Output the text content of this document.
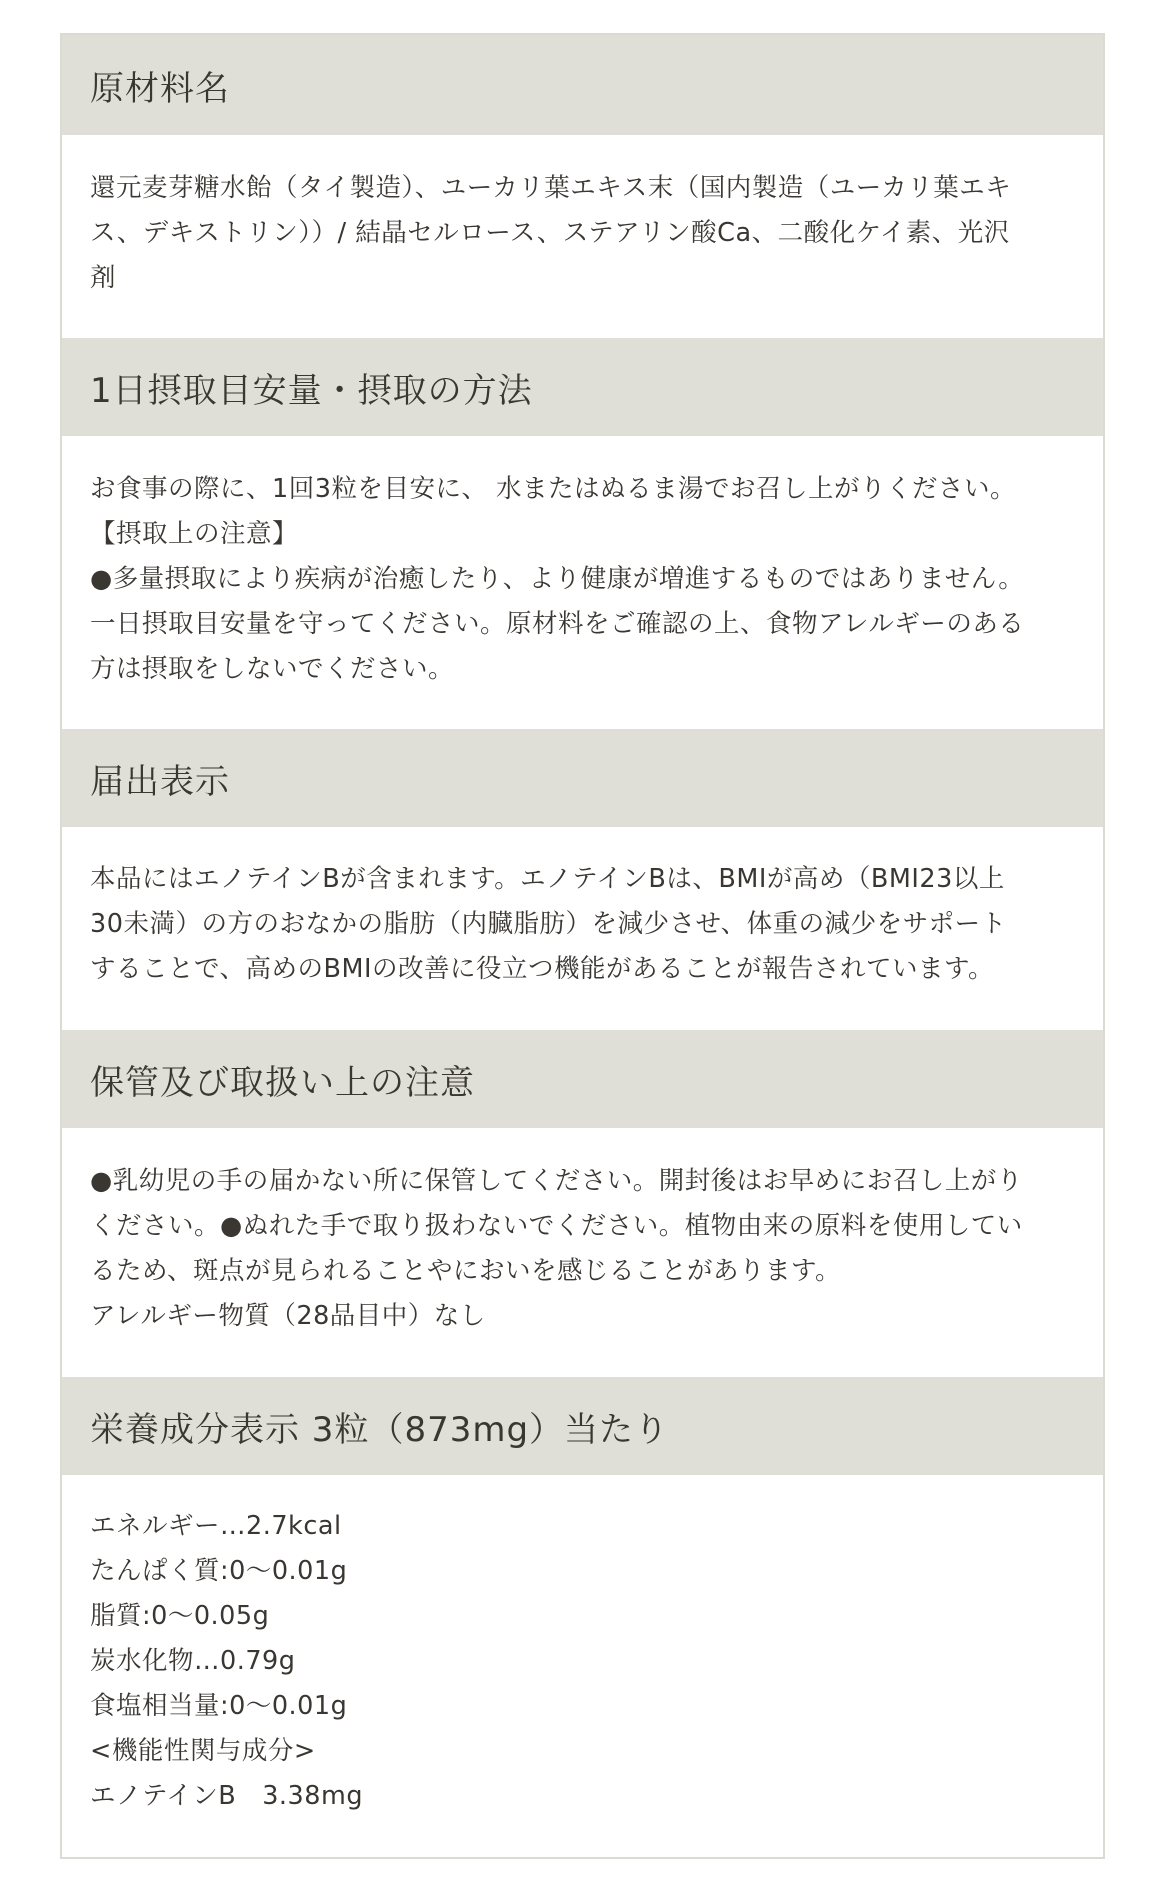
原材料名
還元麦芽糖水飴（タイ製造）、ユーカリ葉エキス末（国内製造（ユーカリ葉エキ
ス、デキストリン））/ 結晶セルロース、ステアリン酸Ca、二酸化ケイ素、光沢
剤
1日摂取目安量・摂取の方法
お食事の際に、1回3粒を目安に、 水またはぬるま湯でお召し上がりください。
【摂取上の注意】
●多量摂取により疾病が治癒したり、より健康が増進するものではありません。
一日摂取目安量を守ってください。原材料をご確認の上、食物アレルギーのある
方は摂取をしないでください。
届出表示
本品にはエノテインBが含まれます。エノテインBは、BMIが高め（BMI23以上
30未満）の方のおなかの脂肪（内臓脂肪）を減少させ、体重の減少をサポート
することで、高めのBMIの改善に役立つ機能があることが報告されています。
保管及び取扱い上の注意
●乳幼児の手の届かない所に保管してください。開封後はお早めにお召し上がり
ください。●ぬれた手で取り扱わないでください。植物由来の原料を使用してい
るため、斑点が見られることやにおいを感じることがあります。
アレルギー物質（28品目中）なし
栄養成分表示 3粒（873mg）当たり
エネルギー…2.7kcal
たんぱく質:0〜0.01g
脂質:0〜0.05g
炭水化物…0.79g
食塩相当量:0〜0.01g
<機能性関与成分>
エノテインB　3.38mg
